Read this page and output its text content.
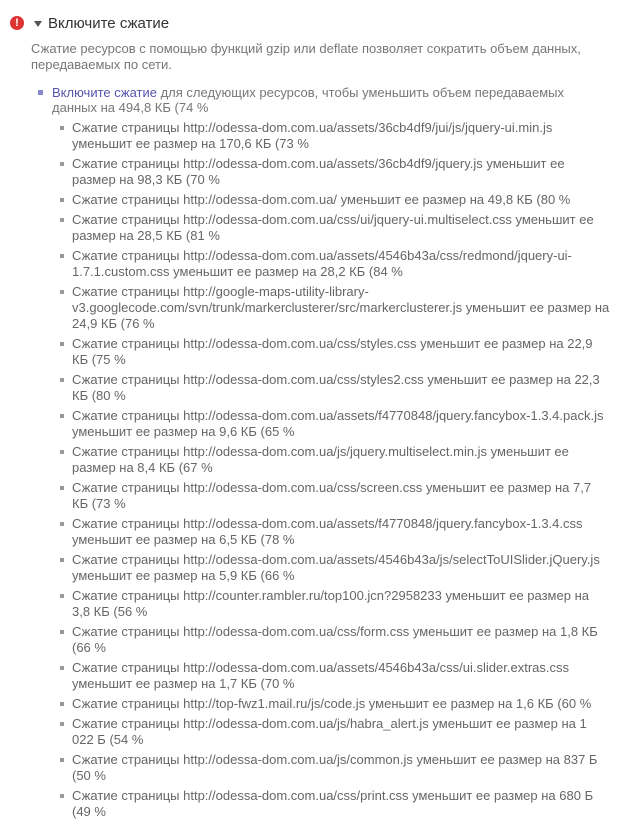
!	Включите сжатие
Сжатие ресурсов с помощью функций gzip или deflate позволяет сократить объем данных, передаваемых по сети.
Включите сжатие для следующих ресурсов, чтобы уменьшить объем передаваемых данных на 494,8 КБ (74 %
Сжатие страницы http://odessa-dom.com.ua/assets/36cb4df9/jui/js/jquery-ui.min.js уменьшит ее размер на 170,6 КБ (73 %
Сжатие страницы http://odessa-dom.com.ua/assets/36cb4df9/jquery.js уменьшит ее размер на 98,3 КБ (70 %
Сжатие страницы http://odessa-dom.com.ua/ уменьшит ее размер на 49,8 КБ (80 %
Сжатие страницы http://odessa-dom.com.ua/css/ui/jquery-ui.multiselect.css уменьшит ее размер на 28,5 КБ (81 %
Сжатие страницы http://odessa-dom.com.ua/assets/4546b43a/css/redmond/jquery-ui-1.7.1.custom.css уменьшит ее размер на 28,2 КБ (84 %
Сжатие страницы http://google-maps-utility-library-v3.googlecode.com/svn/trunk/markerclusterer/src/markerclusterer.js уменьшит ее размер на 24,9 КБ (76 %
Сжатие страницы http://odessa-dom.com.ua/css/styles.css уменьшит ее размер на 22,9 КБ (75 %
Сжатие страницы http://odessa-dom.com.ua/css/styles2.css уменьшит ее размер на 22,3 КБ (80 %
Сжатие страницы http://odessa-dom.com.ua/assets/f4770848/jquery.fancybox-1.3.4.pack.js уменьшит ее размер на 9,6 КБ (65 %
Сжатие страницы http://odessa-dom.com.ua/js/jquery.multiselect.min.js уменьшит ее размер на 8,4 КБ (67 %
Сжатие страницы http://odessa-dom.com.ua/css/screen.css уменьшит ее размер на 7,7 КБ (73 %
Сжатие страницы http://odessa-dom.com.ua/assets/f4770848/jquery.fancybox-1.3.4.css уменьшит ее размер на 6,5 КБ (78 %
Сжатие страницы http://odessa-dom.com.ua/assets/4546b43a/js/selectToUISlider.jQuery.js уменьшит ее размер на 5,9 КБ (66 %
Сжатие страницы http://counter.rambler.ru/top100.jcn?2958233 уменьшит ее размер на 3,8 КБ (56 %
Сжатие страницы http://odessa-dom.com.ua/css/form.css уменьшит ее размер на 1,8 КБ (66 %
Сжатие страницы http://odessa-dom.com.ua/assets/4546b43a/css/ui.slider.extras.css уменьшит ее размер на 1,7 КБ (70 %
Сжатие страницы http://top-fwz1.mail.ru/js/code.js уменьшит ее размер на 1,6 КБ (60 %
Сжатие страницы http://odessa-dom.com.ua/js/habra_alert.js уменьшит ее размер на 1 022 Б (54 %
Сжатие страницы http://odessa-dom.com.ua/js/common.js уменьшит ее размер на 837 Б (50 %
Сжатие страницы http://odessa-dom.com.ua/css/print.css уменьшит ее размер на 680 Б (49 %
